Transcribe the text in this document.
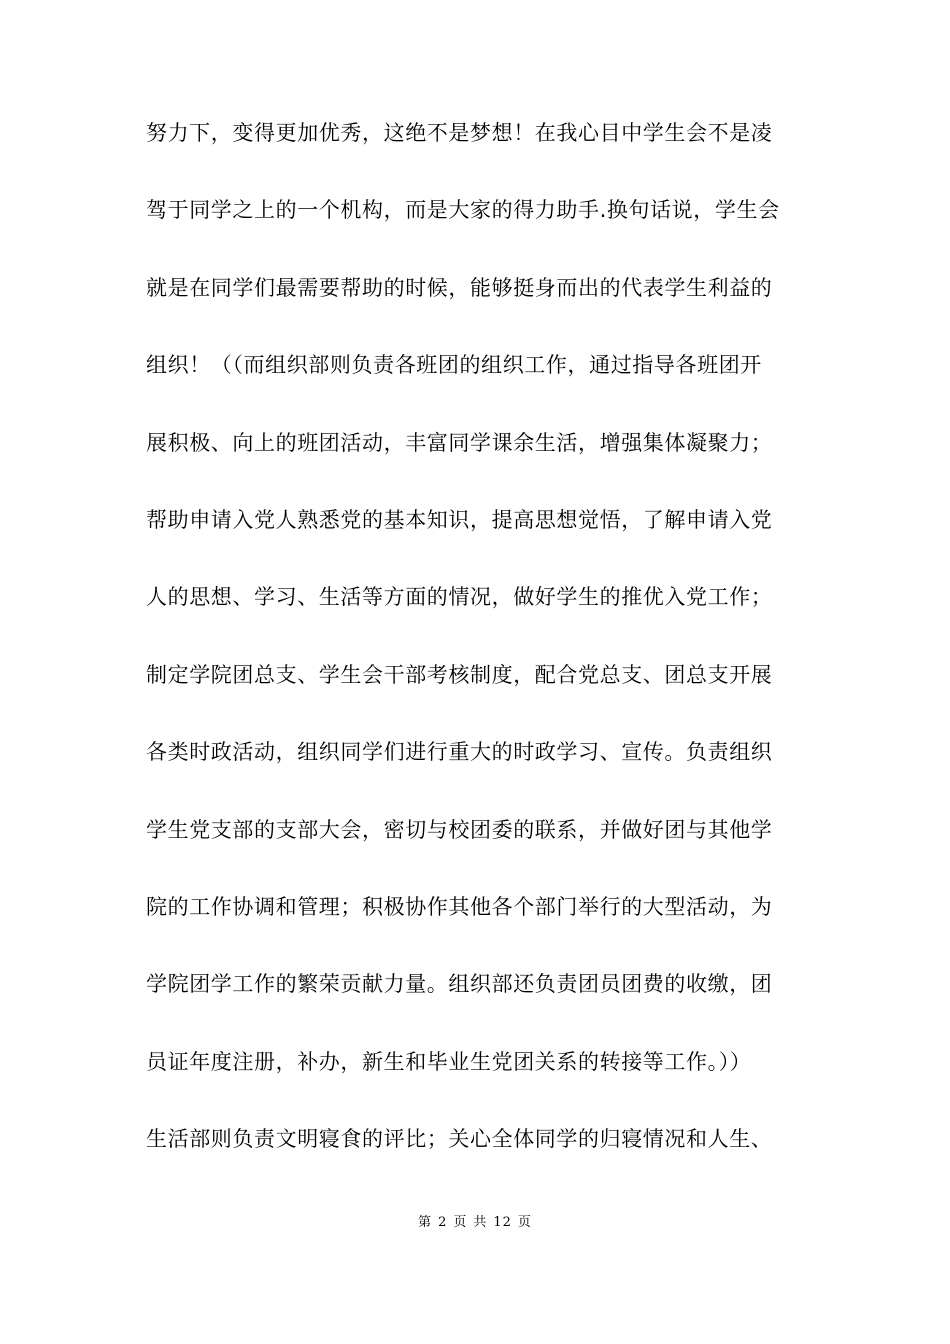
努力下，变得更加优秀，这绝不是梦想！在我心目中学生会不是凌
驾于同学之上的一个机构，而是大家的得力助手.换句话说，学生会
就是在同学们最需要帮助的时候，能够挺身而出的代表学生利益的
组织！（（而组织部则负责各班团的组织工作，通过指导各班团开
展积极、向上的班团活动，丰富同学课余生活，增强集体凝聚力；
帮助申请入党人熟悉党的基本知识，提高思想觉悟，了解申请入党
人的思想、学习、生活等方面的情况，做好学生的推优入党工作；
制定学院团总支、学生会干部考核制度，配合党总支、团总支开展
各类时政活动，组织同学们进行重大的时政学习、宣传。负责组织
学生党支部的支部大会，密切与校团委的联系，并做好团与其他学
院的工作协调和管理；积极协作其他各个部门举行的大型活动，为
学院团学工作的繁荣贡献力量。组织部还负责团员团费的收缴，团
员证年度注册，补办，新生和毕业生党团关系的转接等工作。））
生活部则负责文明寝食的评比；关心全体同学的归寝情况和人生、
第 2 页 共 12 页
